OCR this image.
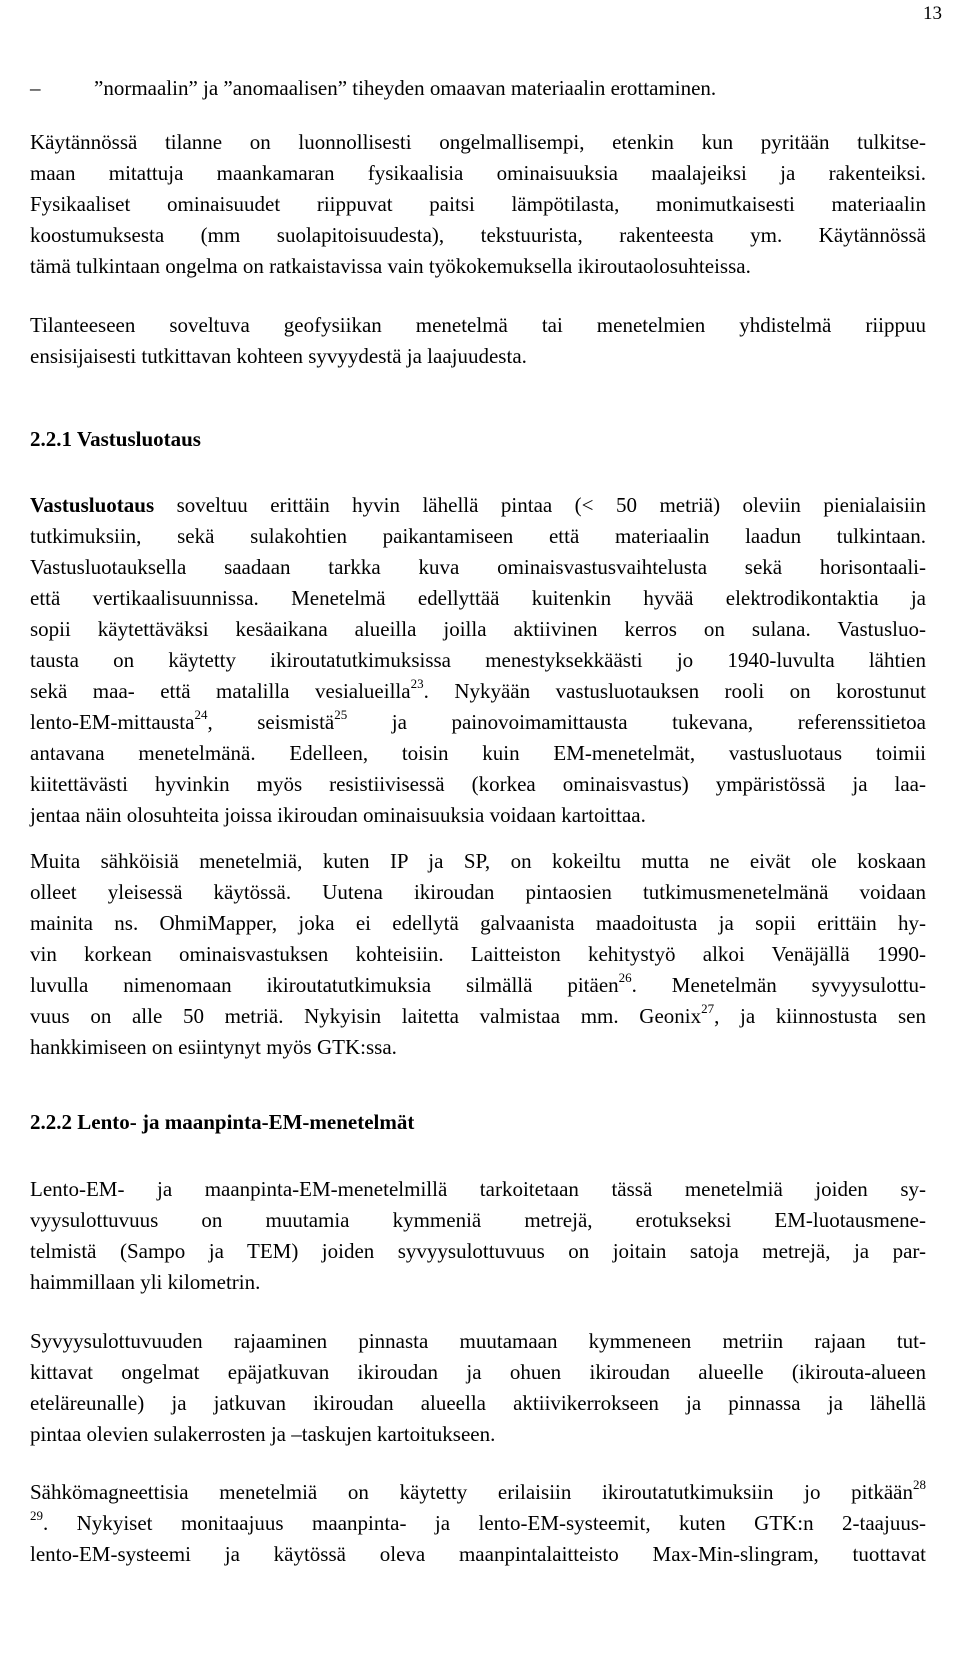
13
–	”normaalin” ja ”anomaalisen” tiheyden omaavan materiaalin erottaminen.
Käytännössä tilanne on luonnollisesti ongelmallisempi, etenkin kun pyritään tulkitse-
maan mitattuja maankamaran fysikaalisia ominaisuuksia maalajeiksi ja rakenteiksi.
Fysikaaliset ominaisuudet riippuvat paitsi lämpötilasta, monimutkaisesti materiaalin
koostumuksesta (mm suolapitoisuudesta), tekstuurista, rakenteesta ym. Käytännössä
tämä tulkintaan ongelma on ratkaistavissa vain työkokemuksella ikiroutaolosuhteissa.
Tilanteeseen soveltuva geofysiikan menetelmä tai menetelmien yhdistelmä riippuu
ensisijaisesti tutkittavan kohteen syvyydestä ja laajuudesta.
2.2.1 Vastusluotaus
Vastusluotaus soveltuu erittäin hyvin lähellä pintaa (< 50 metriä) oleviin pienialaisiin
tutkimuksiin, sekä sulakohtien paikantamiseen että materiaalin laadun tulkintaan.
Vastusluotauksella saadaan tarkka kuva ominaisvastusvaihtelusta sekä horisontaali-
että vertikaalisuunnissa. Menetelmä edellyttää kuitenkin hyvää elektrodikontaktia ja
sopii käytettäväksi kesäaikana alueilla joilla aktiivinen kerros on sulana. Vastusluo-
tausta on käytetty ikiroutatutkimuksissa menestyksekkäästi jo 1940-luvulta lähtien
sekä maa- että matalilla vesialueilla$^{23}$. Nykyään vastusluotauksen rooli on korostunut
lento-EM-mittausta$^{24}$, seismistä$^{25}$ ja painovoimamittausta tukevana, referenssitietoa
antavana menetelmänä. Edelleen, toisin kuin EM-menetelmät, vastusluotaus toimii
kiitettävästi hyvinkin myös resistiivisessä (korkea ominaisvastus) ympäristössä ja laa-
jentaa näin olosuhteita joissa ikiroudan ominaisuuksia voidaan kartoittaa.
Muita sähköisiä menetelmiä, kuten IP ja SP, on kokeiltu mutta ne eivät ole koskaan
olleet yleisessä käytössä. Uutena ikiroudan pintaosien tutkimusmenetelmänä voidaan
mainita ns. OhmiMapper, joka ei edellytä galvaanista maadoitusta ja sopii erittäin hy-
vin korkean ominaisvastuksen kohteisiin. Laitteiston kehitystyö alkoi Venäjällä 1990-
luvulla nimenomaan ikiroutatutkimuksia silmällä pitäen$^{26}$. Menetelmän syvyysulottu-
vuus on alle 50 metriä. Nykyisin laitetta valmistaa mm. Geonix$^{27}$, ja kiinnostusta sen
hankkimiseen on esiintynyt myös GTK:ssa.
2.2.2 Lento- ja maanpinta-EM-menetelmät
Lento-EM- ja maanpinta-EM-menetelmillä tarkoitetaan tässä menetelmiä joiden sy-
vyysulottuvuus on muutamia kymmeniä metrejä, erotukseksi EM-luotausmene-
telmistä (Sampo ja TEM) joiden syvyysulottuvuus on joitain satoja metrejä, ja par-
haimmillaan yli kilometrin.
Syvyysulottuvuuden rajaaminen pinnasta muutamaan kymmeneen metriin rajaan tut-
kittavat ongelmat epäjatkuvan ikiroudan ja ohuen ikiroudan alueelle (ikirouta-alueen
eteläreunalle) ja jatkuvan ikiroudan alueella aktiivikerrokseen ja pinnassa ja lähellä
pintaa olevien sulakerrosten ja –taskujen kartoitukseen.
Sähkömagneettisia menetelmiä on käytetty erilaisiin ikiroutatutkimuksiin jo pitkään$^{28}$
$^{29}$. Nykyiset monitaajuus maanpinta- ja lento-EM-systeemit, kuten GTK:n 2-taajuus-
lento-EM-systeemi ja käytössä oleva maanpintalaitteisto Max-Min-slingram, tuottavat
